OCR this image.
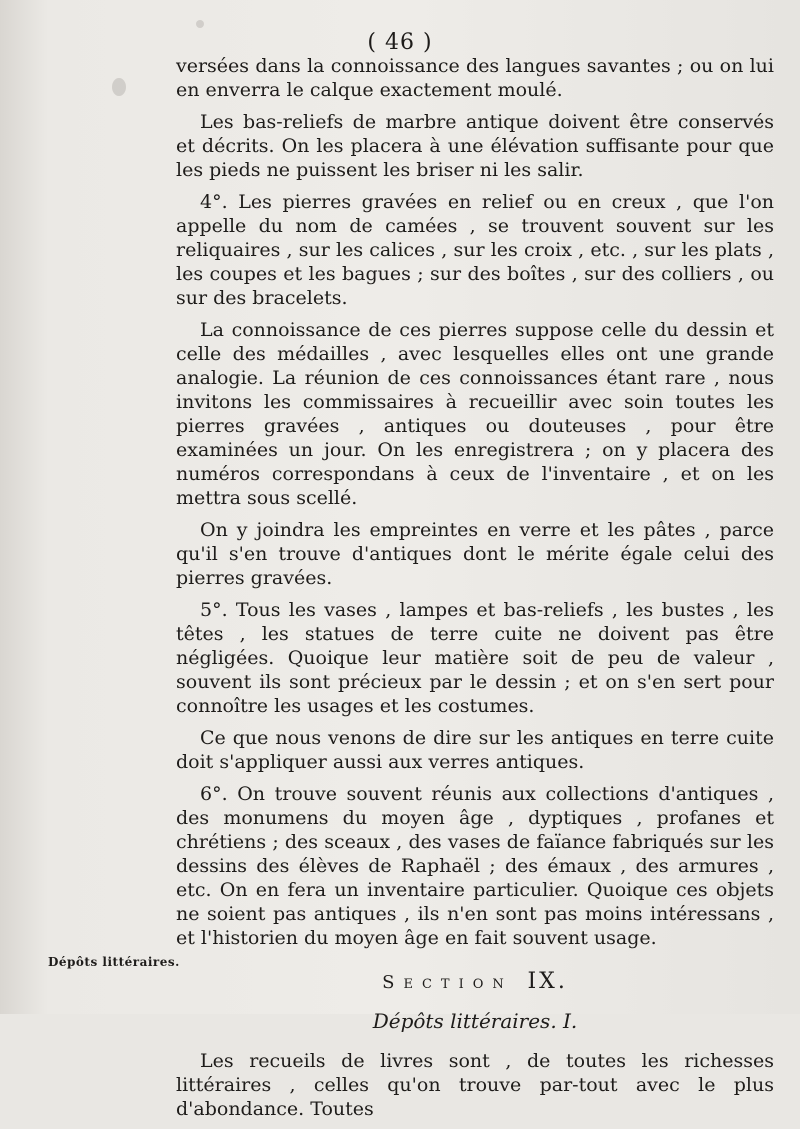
( 46 )

versées dans la connoissance des langues savantes ; ou on lui en enverra le calque exactement moulé.

Les bas-reliefs de marbre antique doivent être conservés et décrits. On les placera à une élévation suffisante pour que les pieds ne puissent les briser ni les salir.

4°. Les pierres gravées en relief ou en creux , que l'on appelle du nom de camées , se trouvent souvent sur les reliquaires , sur les calices , sur les croix , etc. , sur les plats , les coupes et les bagues ; sur des boîtes , sur des colliers , ou sur des bracelets.

La connoissance de ces pierres suppose celle du dessin et celle des médailles , avec lesquelles elles ont une grande analogie. La réunion de ces connoissances étant rare , nous invitons les commissaires à recueillir avec soin toutes les pierres gravées , antiques ou douteuses , pour être examinées un jour. On les enregistrera ; on y placera des numéros correspondans à ceux de l'inventaire , et on les mettra sous scellé.

On y joindra les empreintes en verre et les pâtes , parce qu'il s'en trouve d'antiques dont le mérite égale celui des pierres gravées.

5°. Tous les vases , lampes et bas-reliefs , les bustes , les têtes , les statues de terre cuite ne doivent pas être négligées. Quoique leur matière soit de peu de valeur , souvent ils sont précieux par le dessin ; et on s'en sert pour connoître les usages et les costumes.

Ce que nous venons de dire sur les antiques en terre cuite doit s'appliquer aussi aux verres antiques.

6°. On trouve souvent réunis aux collections d'antiques , des monumens du moyen âge , dyptiques , profanes et chrétiens ; des sceaux , des vases de faïance fabriqués sur les dessins des élèves de Raphaël ; des émaux , des armures , etc. On en fera un inventaire particulier. Quoique ces objets ne soient pas antiques , ils n'en sont pas moins intéressans , et l'historien du moyen âge en fait souvent usage.

Section IX.
Dépôts littéraires. I.

Les recueils de livres sont , de toutes les richesses littéraires , celles qu'on trouve par-tout avec le plus d'abondance. Toutes

Dépôts littéraires.
